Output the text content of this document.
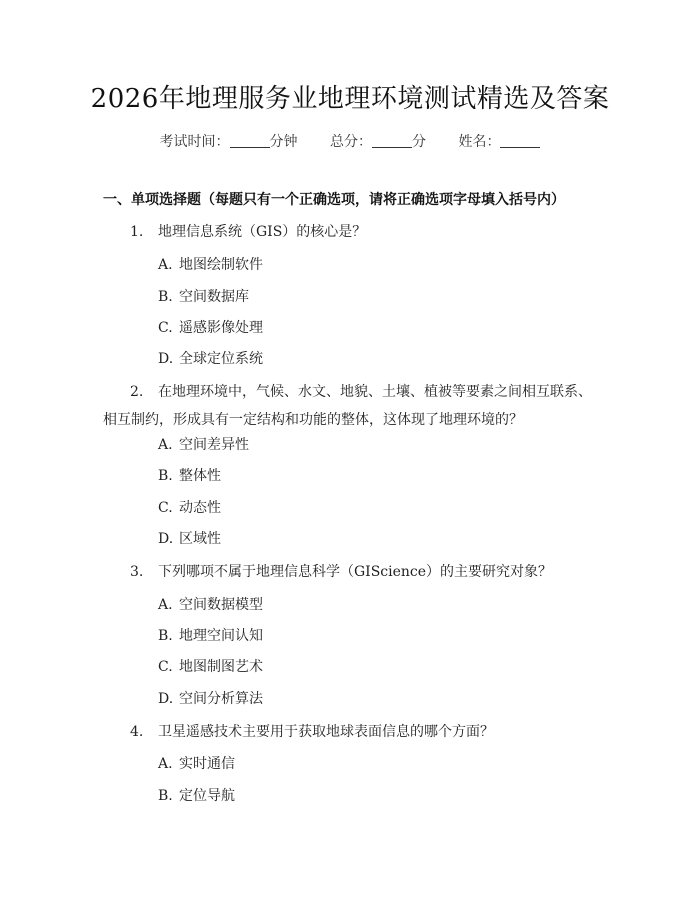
2026年地理服务业地理环境测试精选及答案
考试时间：	分钟 总分：	分 姓名：
一、单项选择题（每题只有一个正确选项，请将正确选项字母填入括号内）
1. 地理信息系统（GIS）的核心是？
A. 地图绘制软件
B. 空间数据库
C. 遥感影像处理
D. 全球定位系统
2. 在地理环境中，气候、水文、地貌、土壤、植被等要素之间相互联系、相互制约，形成具有一定结构和功能的整体，这体现了地理环境的？
A. 空间差异性
B. 整体性
C. 动态性
D. 区域性
3. 下列哪项不属于地理信息科学（GIScience）的主要研究对象？
A. 空间数据模型
B. 地理空间认知
C. 地图制图艺术
D. 空间分析算法
4. 卫星遥感技术主要用于获取地球表面信息的哪个方面？
A. 实时通信
B. 定位导航
